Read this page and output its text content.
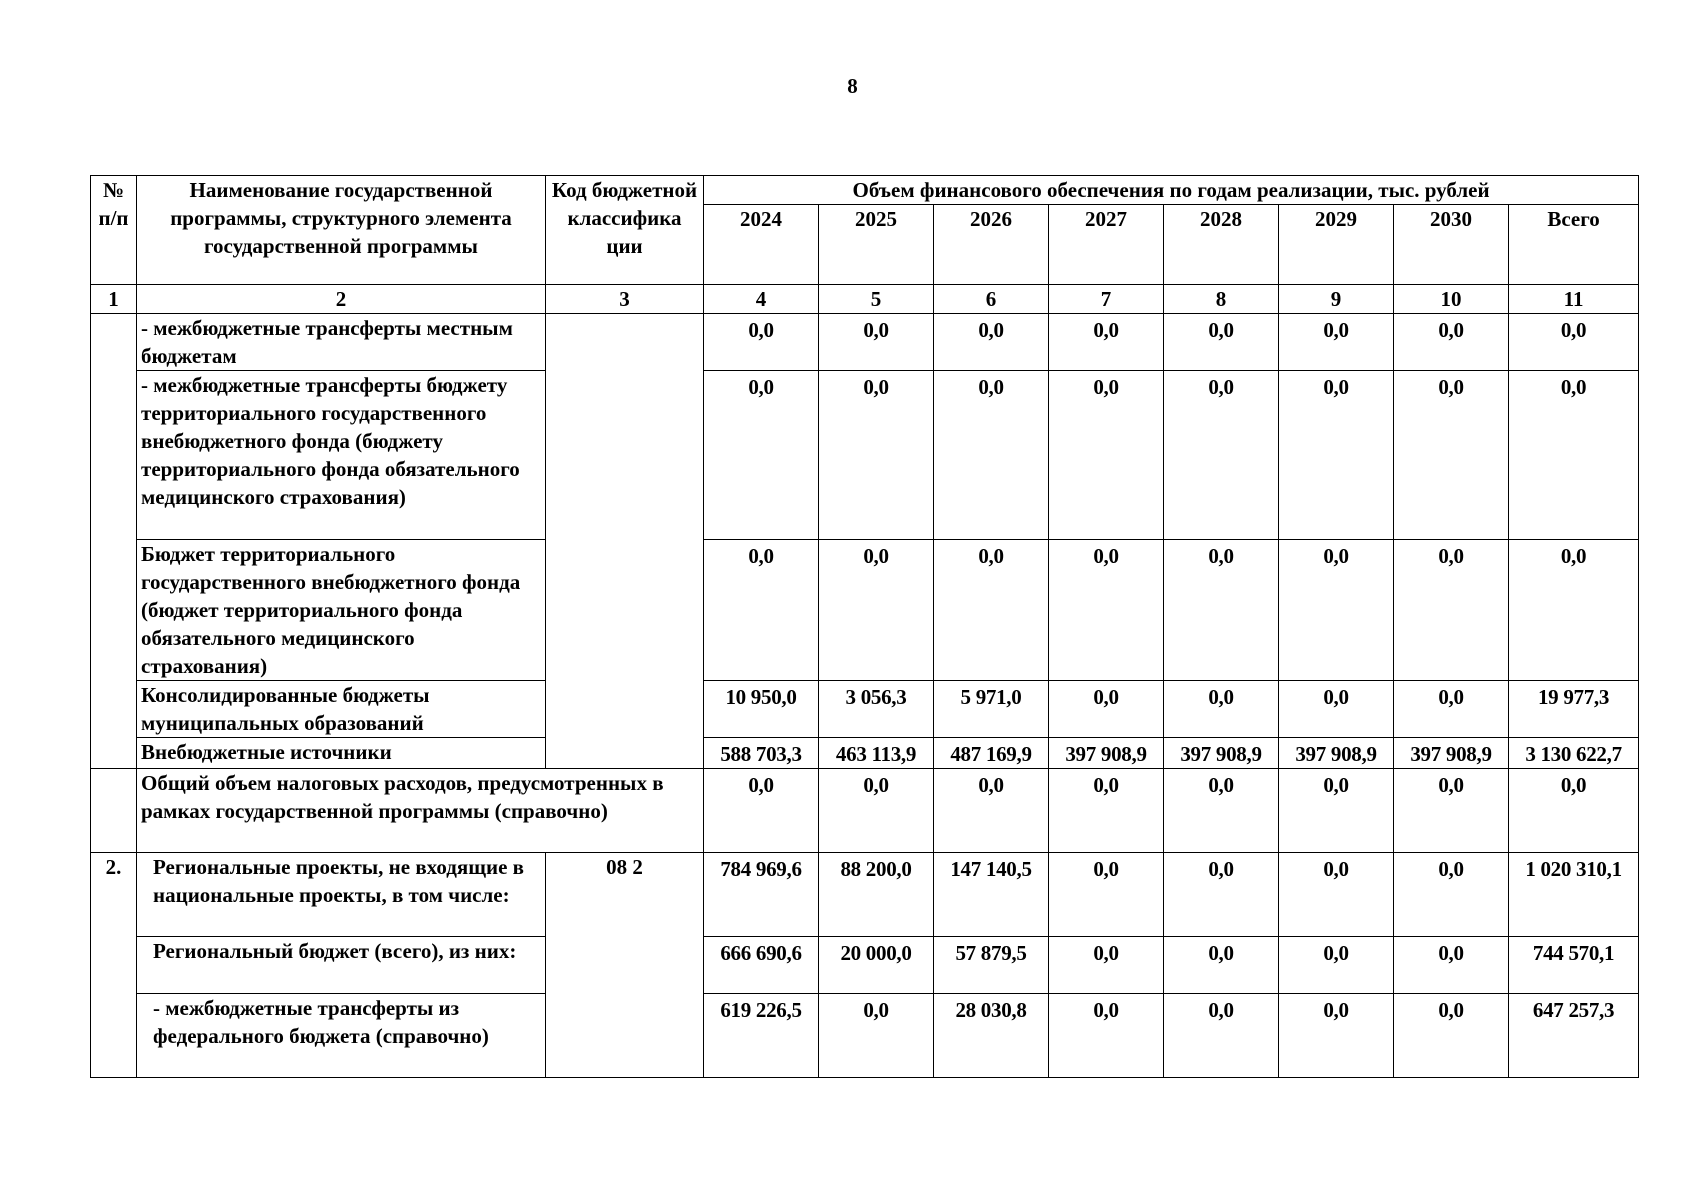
8
№ п/п	Наименование государственной программы, структурного элемента государственной программы	Код бюджетной классифика ции	Объем финансового обеспечения по годам реализации, тыс. рублей							
			2024	2025	2026	2027	2028	2029	2030	Всего
1	2	3	4	5	6	7	8	9	10	11
	- межбюджетные трансферты местным бюджетам		0,0	0,0	0,0	0,0	0,0	0,0	0,0	0,0
	- межбюджетные трансферты бюджету территориального государственного внебюджетного фонда (бюджету территориального фонда обязательного медицинского страхования)		0,0	0,0	0,0	0,0	0,0	0,0	0,0	0,0
	Бюджет территориального государственного внебюджетного фонда (бюджет территориального фонда обязательного медицинского страхования)		0,0	0,0	0,0	0,0	0,0	0,0	0,0	0,0
	Консолидированные бюджеты муниципальных образований		10 950,0	3 056,3	5 971,0	0,0	0,0	0,0	0,0	19 977,3
	Внебюджетные источники		588 703,3	463 113,9	487 169,9	397 908,9	397 908,9	397 908,9	397 908,9	3 130 622,7
	Общий объем налоговых расходов, предусмотренных в рамках государственной программы (справочно)		0,0	0,0	0,0	0,0	0,0	0,0	0,0	0,0
2.	Региональные проекты, не входящие в национальные проекты, в том числе:	08 2	784 969,6	88 200,0	147 140,5	0,0	0,0	0,0	0,0	1 020 310,1
	Региональный бюджет (всего), из них:		666 690,6	20 000,0	57 879,5	0,0	0,0	0,0	0,0	744 570,1
	- межбюджетные трансферты из федерального бюджета (справочно)		619 226,5	0,0	28 030,8	0,0	0,0	0,0	0,0	647 257,3
